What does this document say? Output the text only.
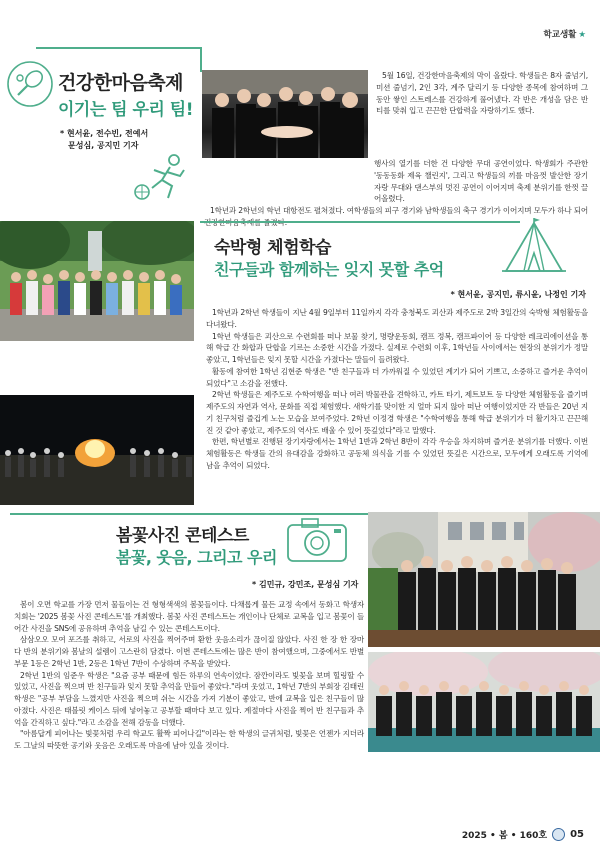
학교생활 ★
건강한마음축제
이기는 팀 우리 팀!
* 현서윤, 전수빈, 전예서
문성심, 공지민 기자

5월 16일, 건강한마음축제의 막이 올랐다. 학생들은 8자 줄넘기, 미션 줄넘기, 2인 3각, 계주 달리기 등 다양한 종목에 참여하며 그동안 쌓인 스트레스를 건강하게 풀어냈다. 각 반은 개성을 담은 반티를 맞춰 입고 끈끈한 단합력을 자랑하기도 했다.

행사의 열기를 더한 건 다양한 무대 공연이었다. 학생회가 주관한 '동동동화 제육 챌린지', 그리고 학생들의 끼를 마음껏 발산한 장기자랑 무대와 댄스부의 멋진 공연이 이어지며 축제 분위기를 한껏 끌어올렸다.

1학년과 2학년의 학년 대항전도 펼쳐졌다. 여학생들의 피구 경기와 남학생들의 축구 경기가 이어지며 모두가 하나 되어

숙박형 체험학습
친구들과 함께하는 잊지 못할 추억
* 현서윤, 공지민, 류시윤, 나정인 기자

1학년과 2학년 학생들이 지난 4월 9일부터 11일까지 각각 충청북도 괴산과 제주도로 2박 3일간의 숙박형 체험활동을 다녀왔다.

1학년 학생들은 괴산으로 수련회를 떠나 보물 찾기, 명량운동회, 캠프 정복, 캠프파이어 등 다양한 레크리에이션을 통해 학급 간 화합과 단합을 기르는 소중한 시간을 가졌다. 실제로 수련회 이후, 1학년들 사이에서는 현장의 분위기가 정말 좋았고, 1학년들은 잊지 못할 시간을 가졌다는 말들이 들려왔다.

활동에 참여한 1학년 김현준 학생은 "반 친구들과 더 가까워질 수 있었던 계기가 되어 기쁘고, 소중하고 즐거운 추억이 되었다"고 소감을 전했다.

2학년 학생들은 제주도로 수학여행을 떠나 여러 박물관을 견학하고, 카트 타기, 제트보트 등 다양한 체험활동을 즐기며 제주도의 자연과 역사, 문화를 직접 체험했다. 새학기를 맞이한 지 얼마 되지 않아 떠난 여행이었지만 각 반들은 20년 지기 친구처럼 즐겁게 노는 모습을 보여주었다. 2학년 이정경 학생은 "수학여행을 통해 학급 분위기가 더 활기차고 끈끈해진 것 같아 좋았고, 제주도의 역사도 배울 수 있어 뜻깊었다"라고 말했다.

한편, 학년별로 진행된 장기자랑에서는 1학년 1반과 2학년 8반이 각각 우승을 차지하며 즐거운 분위기를 더했다. 이번 체험활동은 학생들 간의 유대감을 강화하고 공동체 의식을 기를 수 있었던 뜻깊은 시간으로, 모두에게 오래도록 기억에 남을 추억이 되었다.

봄꽃사진 콘테스트
봄꽃, 웃음, 그리고 우리
* 김민규, 강민조, 문성심 기자

봄이 오면 학교를 가장 먼저 물들이는 건 형형색색의 봄꽃들이다. 다채롭게 물든 교정 속에서 동화고 학생자치회는 '2025 봄꽃 사진 콘테스트'를 개최했다. 봄꽃 사진 콘테스트는 개인이나 단체로 교복을 입고 봄꽃이 들어간 사진을 SNS에 공유하며 추억을 남길 수 있는 콘테스트이다.

삼삼오오 모여 포즈를 취하고, 서로의 사진을 찍어주며 환한 웃음소리가 끊이질 않았다. 사진 한 장 한 장마다 반의 분위기와 봄날의 설렘이 고스란히 담겼다. 이번 콘테스트에는 많은 반이 참여했으며, 그중에서도 반별 부문 1등은 2학년 1반, 2등은 1학년 7반이 수상하며 주목을 받았다.

2학년 1반의 임준우 학생은 "요즘 공부 때문에 힘든 하루의 연속이었다. 잠깐이라도 빛꽃을 보며 힐링할 수 있었고, 사진을 찍으며 반 친구들과 잊지 못할 추억을 만들어 좋았다."라며 웃었고, 1학년 7반의 부회장 김태린 학생은 "공부 부담을 느꼈지만 사진을 찍으며 쉬는 시간을 가져 기분이 좋았고, 반에 교복을 입은 친구들이 많아졌다. 사진은 태블릿 케이스 뒤에 넣어놓고 공부할 때마다 보고 있다. 계절마다 사진을 찍어 반 친구들과 추억을 간직하고 싶다."라고 소감을 전해 감동을 더했다.

"아름답게 피어나는 빛꽃처럼 우리 학교도 활짝 피어나길"이라는 한 학생의 글귀처럼, 빛꽃은 언젠가 지더라도 그날의 따뜻한 공기와 웃음은 오래도록 마음에 남아 있을 것이다.

2025 • 봄 • 160호 05
